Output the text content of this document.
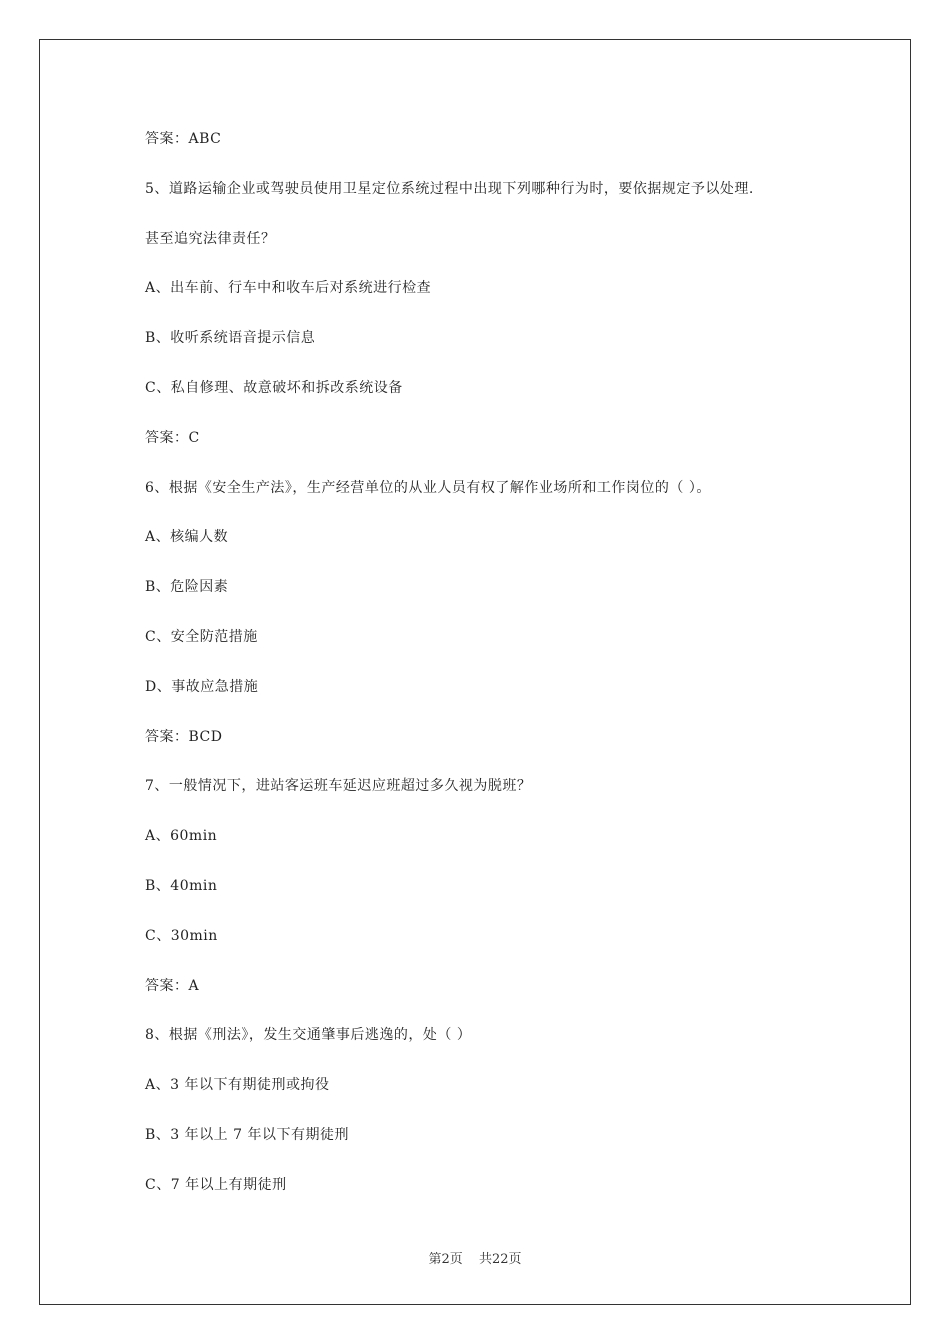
答案：ABC
5、道路运输企业或驾驶员使用卫星定位系统过程中出现下列哪种行为时，要依据规定予以处理.
甚至追究法律责任？
A、出车前、行车中和收车后对系统进行检查
B、收听系统语音提示信息
C、私自修理、故意破坏和拆改系统设备
答案：C
6、根据《安全生产法》，生产经营单位的从业人员有权了解作业场所和工作岗位的（ ）。
A、核编人数
B、危险因素
C、安全防范措施
D、事故应急措施
答案：BCD
7、一般情况下，进站客运班车延迟应班超过多久视为脱班？
A、60min
B、40min
C、30min
答案：A
8、根据《刑法》，发生交通肇事后逃逸的，处（ ）
A、3 年以下有期徒刑或拘役
B、3 年以上 7 年以下有期徒刑
C、7 年以上有期徒刑
第2页 共22页
